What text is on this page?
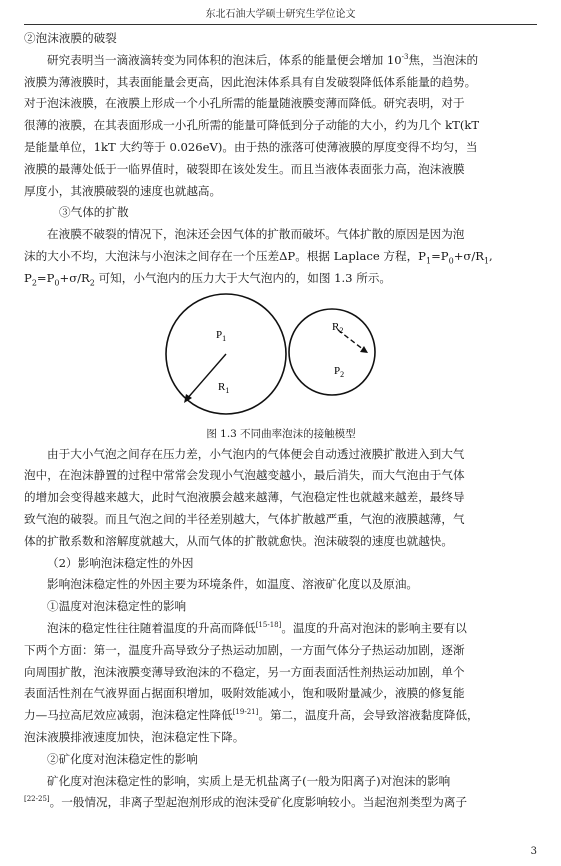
东北石油大学硕士研究生学位论文
②泡沫液膜的破裂
研究表明当一滴液滴转变为同体积的泡沫后，体系的能量便会增加 $10^{-3}$焦，当泡沫的
液膜为薄液膜时，其表面能量会更高，因此泡沫体系具有自发破裂降低体系能量的趋势。
对于泡沫液膜，在液膜上形成一个小孔所需的能量随液膜变薄而降低。研究表明，对于
很薄的液膜，在其表面形成一小孔所需的能量可降低到分子动能的大小，约为几个 kT(kT
是能量单位，1kT 大约等于 0.026eV)。由于热的涨落可使薄液膜的厚度变得不均匀，当
液膜的最薄处低于一临界值时，破裂即在该处发生。而且当液体表面张力高，泡沫液膜
厚度小，其液膜破裂的速度也就越高。
③气体的扩散
在液膜不破裂的情况下，泡沫还会因气体的扩散而破坏。气体扩散的原因是因为泡
沫的大小不均，大泡沫与小泡沫之间存在一个压差ΔP。根据 Laplace 方程，$P_1=P_0+\sigma/R_1$,
$P_2=P_0+\sigma/R_2$ 可知，小气泡内的压力大于大气泡内的，如图 1.3 所示。
$P_1$
$R_1$
$R_2$
$P_2$
图 1.3 不同曲率泡沫的接触模型
由于大小气泡之间存在压力差，小气泡内的气体便会自动透过液膜扩散进入到大气
泡中，在泡沫静置的过程中常常会发现小气泡越变越小，最后消失，而大气泡由于气体
的增加会变得越来越大，此时气泡液膜会越来越薄，气泡稳定性也就越来越差，最终导
致气泡的破裂。而且气泡之间的半径差别越大，气体扩散越严重，气泡的液膜越薄，气
体的扩散系数和溶解度就越大，从而气体的扩散就愈快。泡沫破裂的速度也就越快。
（2）影响泡沫稳定性的外因
影响泡沫稳定性的外因主要为环境条件，如温度、溶液矿化度以及原油。
①温度对泡沫稳定性的影响
泡沫的稳定性往往随着温度的升高而降低[15-18]。温度的升高对泡沫的影响主要有以
下两个方面：第一，温度升高导致分子热运动加剧，一方面气体分子热运动加剧，逐渐
向周围扩散，泡沫液膜变薄导致泡沫的不稳定，另一方面表面活性剂热运动加剧，单个
表面活性剂在气液界面占据面积增加，吸附效能减小，饱和吸附量减少，液膜的修复能
力—马拉高尼效应减弱，泡沫稳定性降低[19-21]。第二，温度升高，会导致溶液黏度降低，
泡沫液膜排液速度加快，泡沫稳定性下降。
②矿化度对泡沫稳定性的影响
矿化度对泡沫稳定性的影响，实质上是无机盐离子(一般为阳离子)对泡沫的影响
[22-25]。一般情况，非离子型起泡剂形成的泡沫受矿化度影响较小。当起泡剂类型为离子
3
